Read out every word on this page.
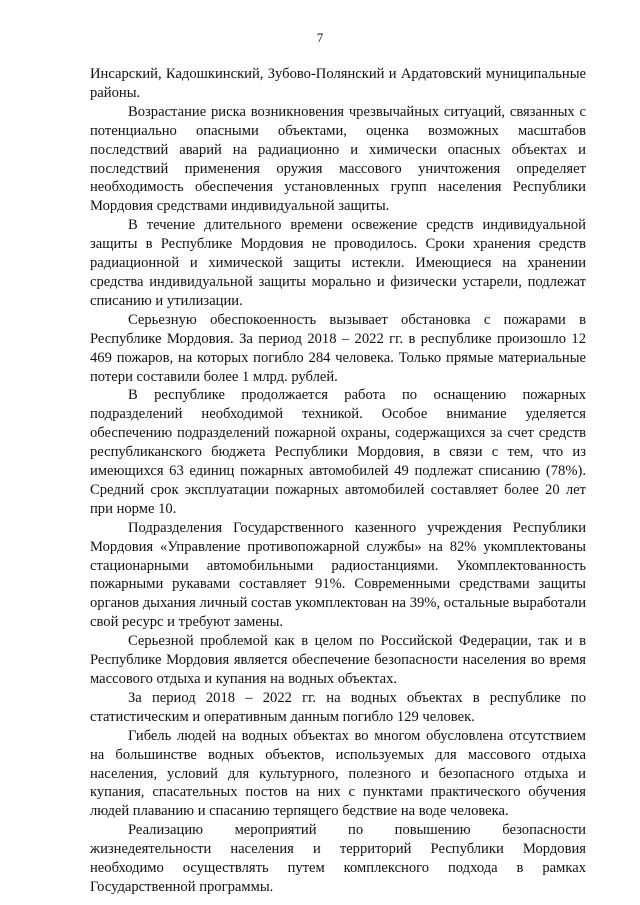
7

Инсарский, Кадошкинский, Зубово-Полянский и Ардатовский муниципальные районы.

Возрастание риска возникновения чрезвычайных ситуаций, связанных с потенциально опасными объектами, оценка возможных масштабов последствий аварий на радиационно и химически опасных объектах и последствий применения оружия массового уничтожения определяет необходимость обеспечения установленных групп населения Республики Мордовия средствами индивидуальной защиты.

В течение длительного времени освежение средств индивидуальной защиты в Республике Мордовия не проводилось. Сроки хранения средств радиационной и химической защиты истекли. Имеющиеся на хранении средства индивидуальной защиты морально и физически устарели, подлежат списанию и утилизации.

Серьезную обеспокоенность вызывает обстановка с пожарами в Республике Мордовия. За период 2018 – 2022 гг. в республике произошло 12 469 пожаров, на которых погибло 284 человека. Только прямые материальные потери составили более 1 млрд. рублей.

В республике продолжается работа по оснащению пожарных подразделений необходимой техникой. Особое внимание уделяется обеспечению подразделений пожарной охраны, содержащихся за счет средств республиканского бюджета Республики Мордовия, в связи с тем, что из имеющихся 63 единиц пожарных автомобилей 49 подлежат списанию (78%). Средний срок эксплуатации пожарных автомобилей составляет более 20 лет при норме 10.

Подразделения Государственного казенного учреждения Республики Мордовия «Управление противопожарной службы» на 82% укомплектованы стационарными автомобильными радиостанциями. Укомплектованность пожарными рукавами составляет 91%. Современными средствами защиты органов дыхания личный состав укомплектован на 39%, остальные выработали свой ресурс и требуют замены.

Серьезной проблемой как в целом по Российской Федерации, так и в Республике Мордовия является обеспечение безопасности населения во время массового отдыха и купания на водных объектах.

За период 2018 – 2022 гг. на водных объектах в республике по статистическим и оперативным данным погибло 129 человек.

Гибель людей на водных объектах во многом обусловлена отсутствием на большинстве водных объектов, используемых для массового отдыха населения, условий для культурного, полезного и безопасного отдыха и купания, спасательных постов на них с пунктами практического обучения людей плаванию и спасанию терпящего бедствие на воде человека.

Реализацию мероприятий по повышению безопасности жизнедеятельности населения и территорий Республики Мордовия необходимо осуществлять путем комплексного подхода в рамках Государственной программы.
